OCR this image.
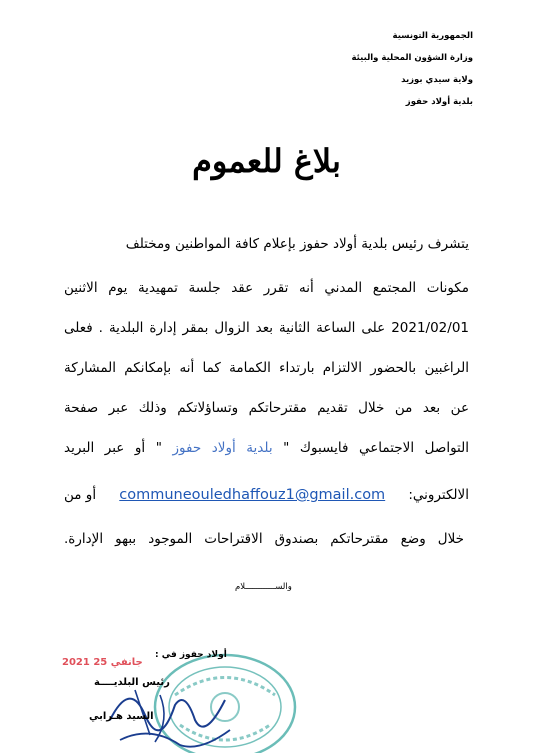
الجمهورية التونسية
وزارة الشؤون المحلية والبيئة
ولاية سيدي بوزيد
بلدية أولاد حفوز
بلاغ للعموم
يتشرف رئيس بلدية أولاد حفوز بإعلام كافة المواطنين ومختلف
مكونات المجتمع المدني أنه تقرر عقد جلسة تمهيدية يوم الاثنين
2021/02/01 على الساعة الثانية بعد الزوال بمقر إدارة البلدية . فعلى
الراغبين بالحضور الالتزام بارتداء الكمامة كما أنه بإمكانكم المشاركة
عن بعد من خلال تقديم مقترحاتكم وتساؤلاتكم وذلك عبر صفحة
التواصل الاجتماعي فايسبوك " بلدية أولاد حفوز " أو عبر البريد
الالكتروني:
communeouledhaffouz1@gmail.com
أو من
خلال وضع مقترحاتكم بصندوق الاقتراحات الموجود ببهو الإدارة.
والســــــــــــلام
أولاد حفوز في :
رئيس البلديــــة
السيد هـرابي
2021 جانفي 25
